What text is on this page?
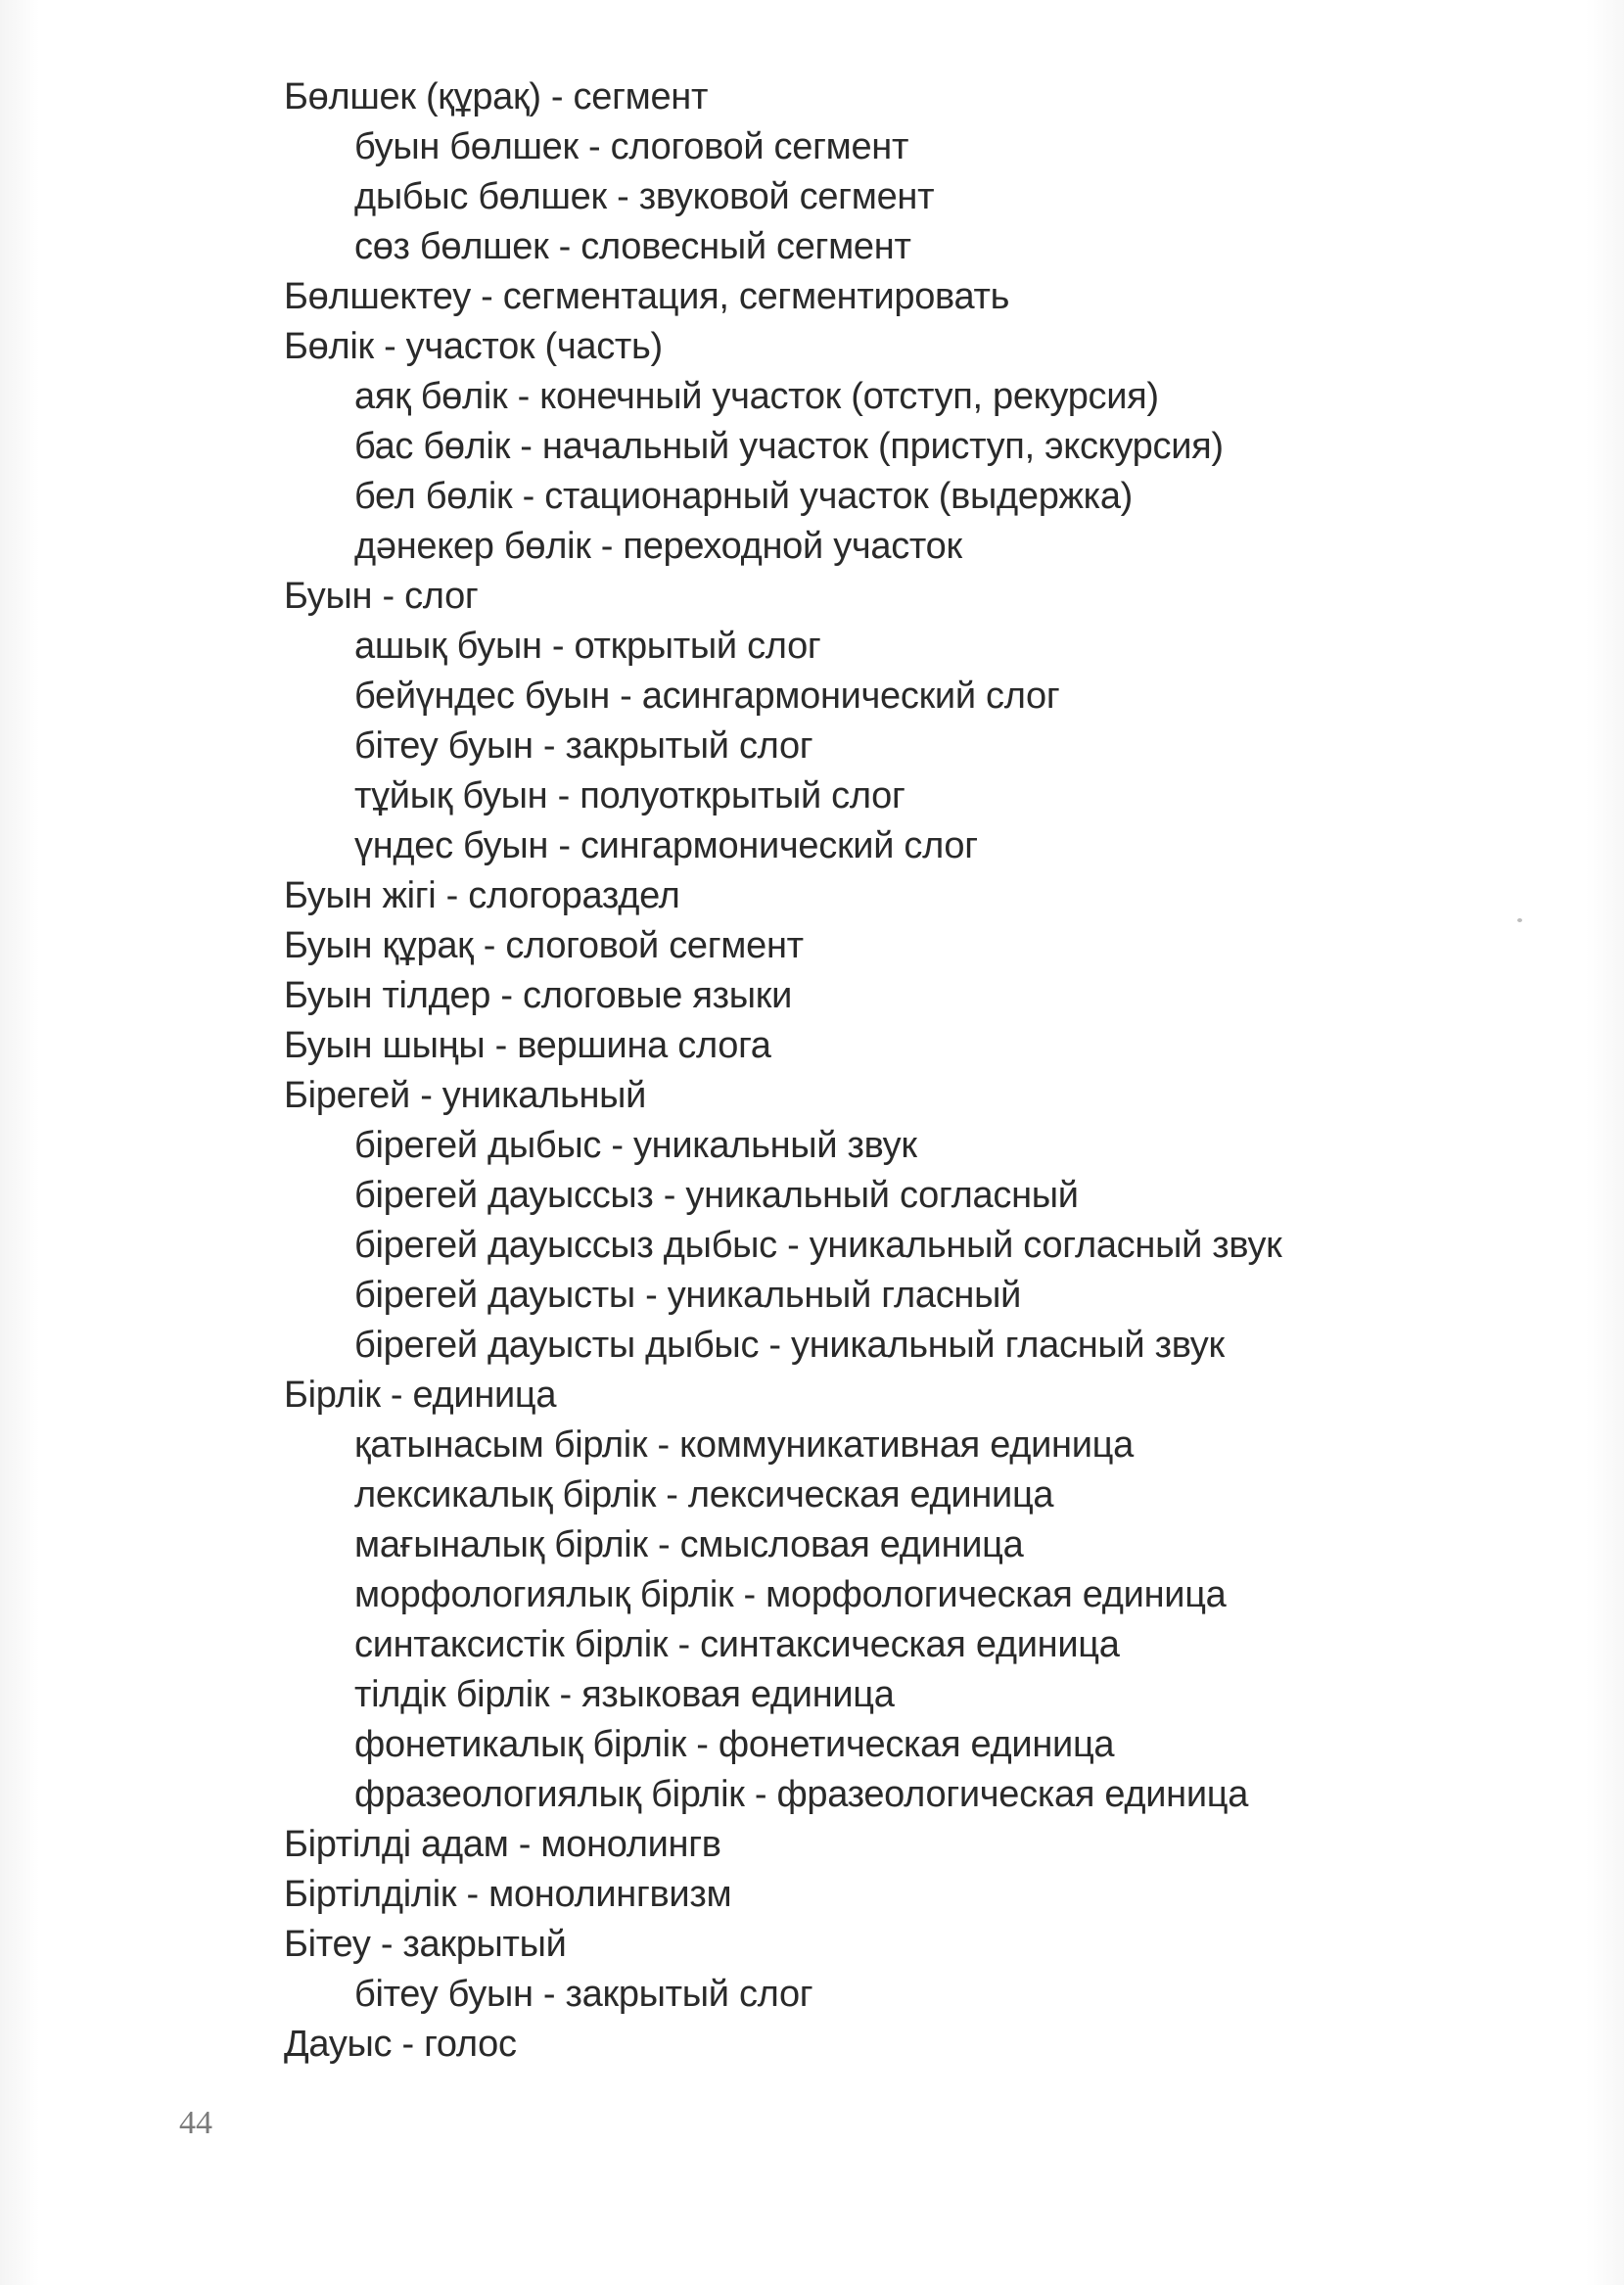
Бөлшек (құрақ) - сегмент
буын бөлшек - слоговой сегмент
дыбыс бөлшек - звуковой сегмент
сөз бөлшек - словесный сегмент
Бөлшектеу - сегментация, сегментировать
Бөлік - участок (часть)
аяқ бөлік - конечный участок (отступ, рекурсия)
бас бөлік - начальный участок (приступ, экскурсия)
бел бөлік - стационарный участок (выдержка)
дәнекер бөлік - переходной участок
Буын - слог
ашық буын - открытый слог
бейүндес буын - асингармонический слог
бітеу буын - закрытый слог
тұйық буын - полуоткрытый слог
үндес буын - сингармонический слог
Буын жігі - слогораздел
Буын құрақ - слоговой сегмент
Буын тілдер - слоговые языки
Буын шыңы - вершина слога
Бірегей - уникальный
бірегей дыбыс - уникальный звук
бірегей дауыссыз - уникальный согласный
бірегей дауыссыз дыбыс - уникальный согласный звук
бірегей дауысты - уникальный гласный
бірегей дауысты дыбыс - уникальный гласный звук
Бірлік - единица
қатынасым бірлік - коммуникативная единица
лексикалық бірлік - лексическая единица
мағыналық бірлік - смысловая единица
морфологиялық бірлік - морфологическая единица
синтаксистік бірлік - синтаксическая единица
тілдік бірлік - языковая единица
фонетикалық бірлік - фонетическая единица
фразеологиялық бірлік - фразеологическая единица
Біртілді адам - монолингв
Біртілділік - монолингвизм
Бітеу - закрытый
бітеу буын - закрытый слог
Дауыс - голос
44
